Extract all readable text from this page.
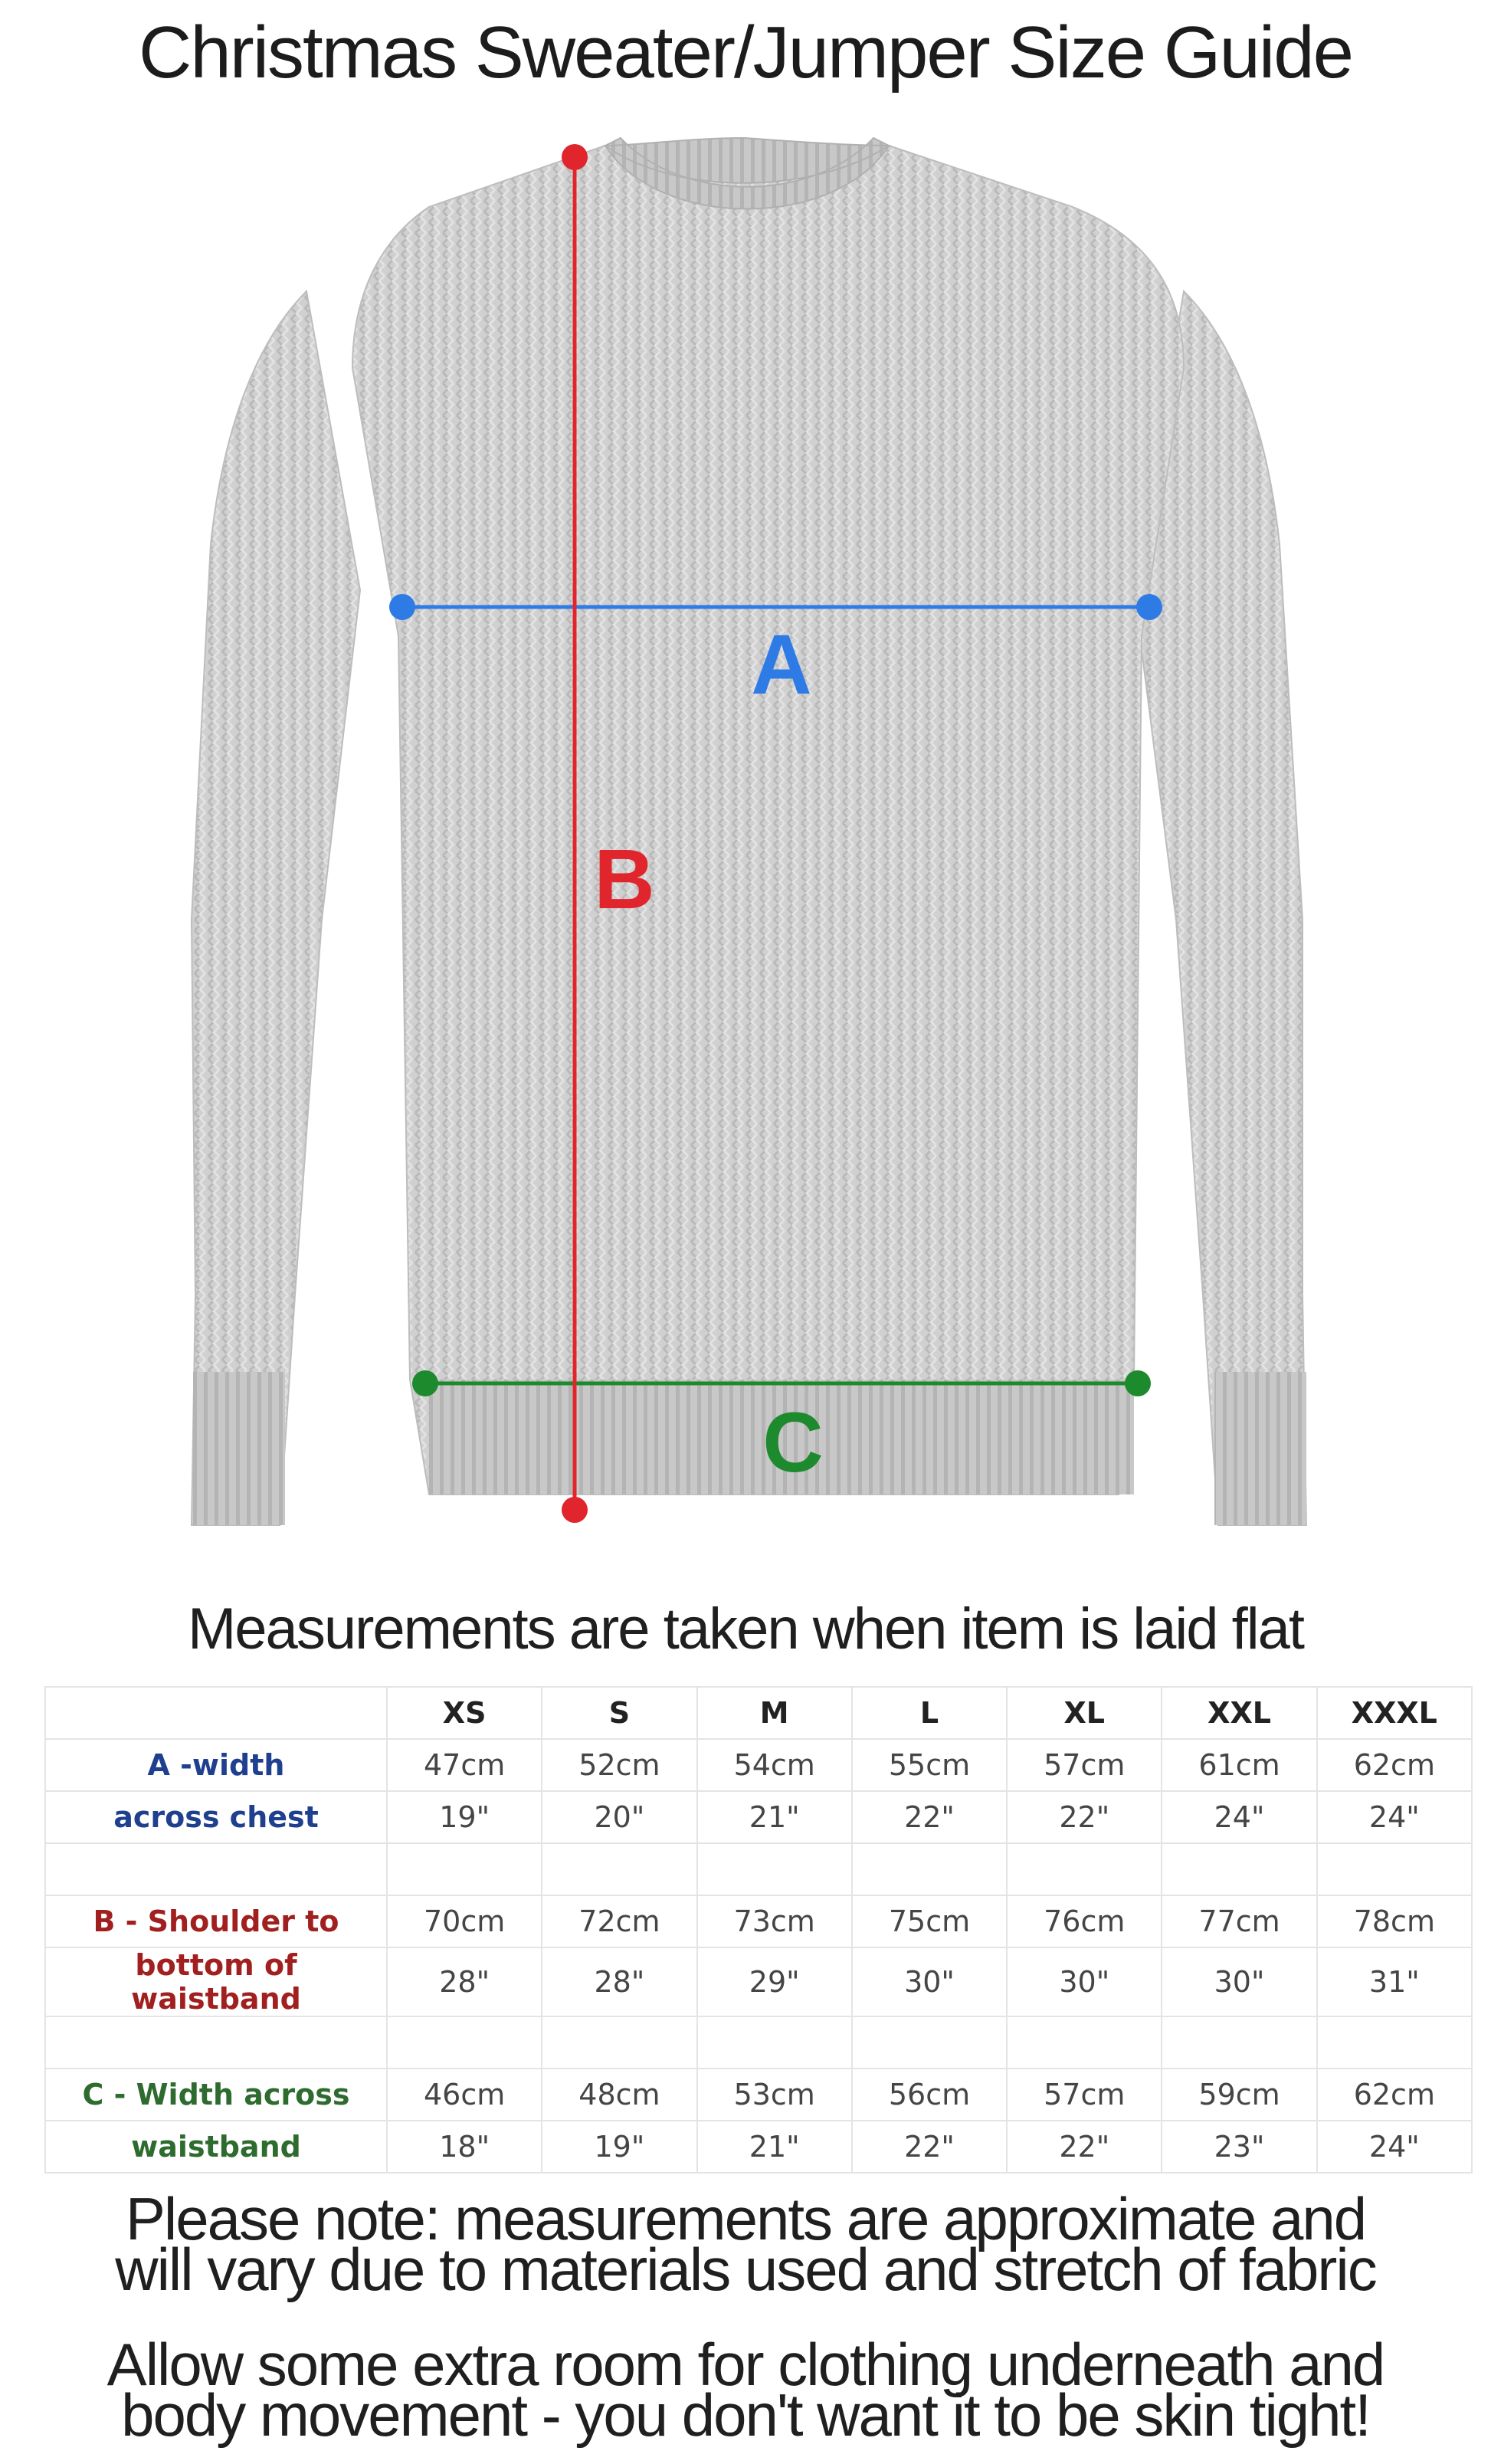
Christmas Sweater/Jumper Size Guide
A
C
B
Measurements are taken when item is laid flat
	XS	S	M	L	XL	XXL	XXXL
A -width	47cm	52cm	54cm	55cm	57cm	61cm	62cm
across chest	19"	20"	21"	22"	22"	24"	24"

B - Shoulder to	70cm	72cm	73cm	75cm	76cm	77cm	78cm
bottom of waistband	28"	28"	29"	30"	30"	30"	31"

C - Width across	46cm	48cm	53cm	56cm	57cm	59cm	62cm
waistband	18"	19"	21"	22"	22"	23"	24"
Please note: measurements are approximate and
will vary due to materials used and stretch of fabric
Allow some extra room for clothing underneath and
body movement - you don't want it to be skin tight!
